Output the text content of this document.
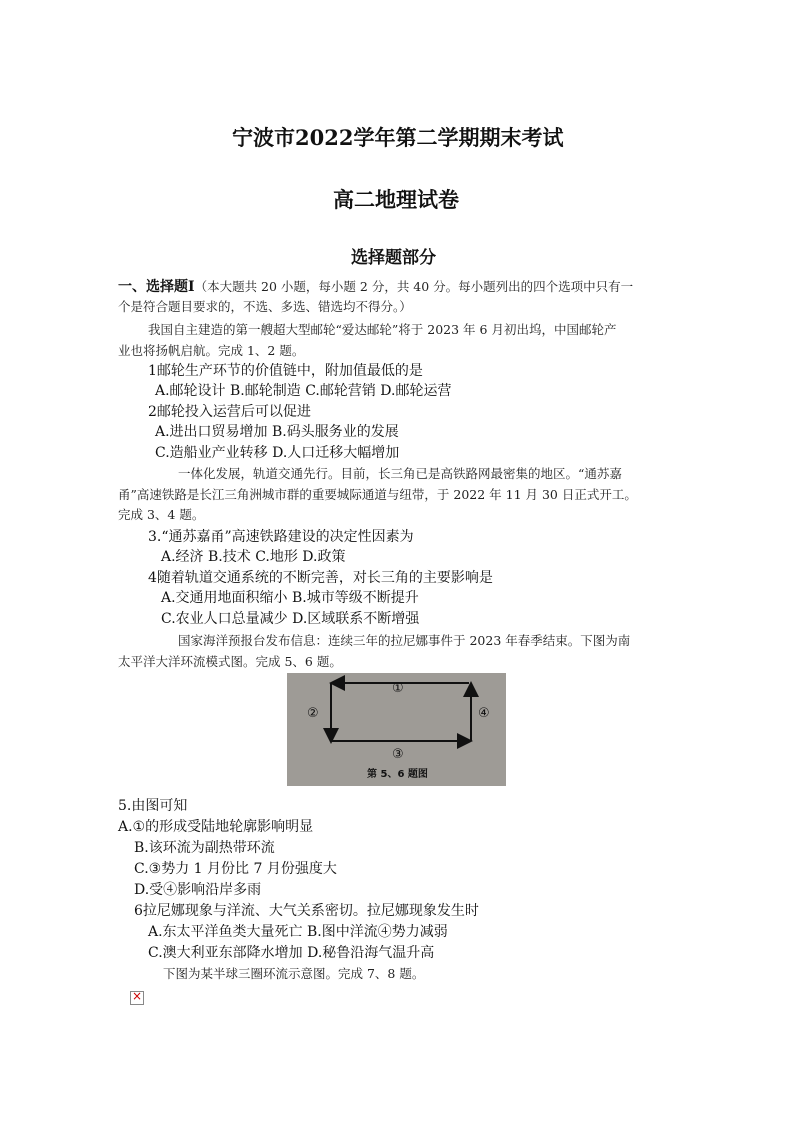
宁波市2022学年第二学期期末考试
高二地理试卷
选择题部分
一、选择题Ⅰ（本大题共 20 小题，每小题 2 分，共 40 分。每小题列出的四个选项中只有一
个是符合题目要求的，不选、多选、错选均不得分。）
我国自主建造的第一艘超大型邮轮“爱达邮轮”将于 2023 年 6 月初出坞，中国邮轮产
业也将扬帆启航。完成 1、2 题。
1邮轮生产环节的价值链中，附加值最低的是
A.邮轮设计 B.邮轮制造 C.邮轮营销 D.邮轮运营
2邮轮投入运营后可以促进
A.进出口贸易增加 B.码头服务业的发展
C.造船业产业转移 D.人口迁移大幅增加
一体化发展，轨道交通先行。目前，长三角已是高铁路网最密集的地区。“通苏嘉
甬”高速铁路是长江三角洲城市群的重要城际通道与纽带，于 2022 年 11 月 30 日正式开工。
完成 3、4 题。
3.“通苏嘉甬”高速铁路建设的决定性因素为
A.经济 B.技术 C.地形 D.政策
4随着轨道交通系统的不断完善，对长三角的主要影响是
A.交通用地面积缩小 B.城市等级不断提升
C.农业人口总量减少 D.区域联系不断增强
国家海洋预报台发布信息：连续三年的拉尼娜事件于 2023 年春季结束。下图为南
太平洋大洋环流模式图。完成 5、6 题。
①
②
③
④
第 5、6 题图
5.由图可知
A.①的形成受陆地轮廓影响明显
B.该环流为副热带环流
C.③势力 1 月份比 7 月份强度大
D.受④影响沿岸多雨
6拉尼娜现象与洋流、大气关系密切。拉尼娜现象发生时
A.东太平洋鱼类大量死亡 B.图中洋流④势力减弱
C.澳大利亚东部降水增加 D.秘鲁沿海气温升高
下图为某半球三圈环流示意图。完成 7、8 题。
×
